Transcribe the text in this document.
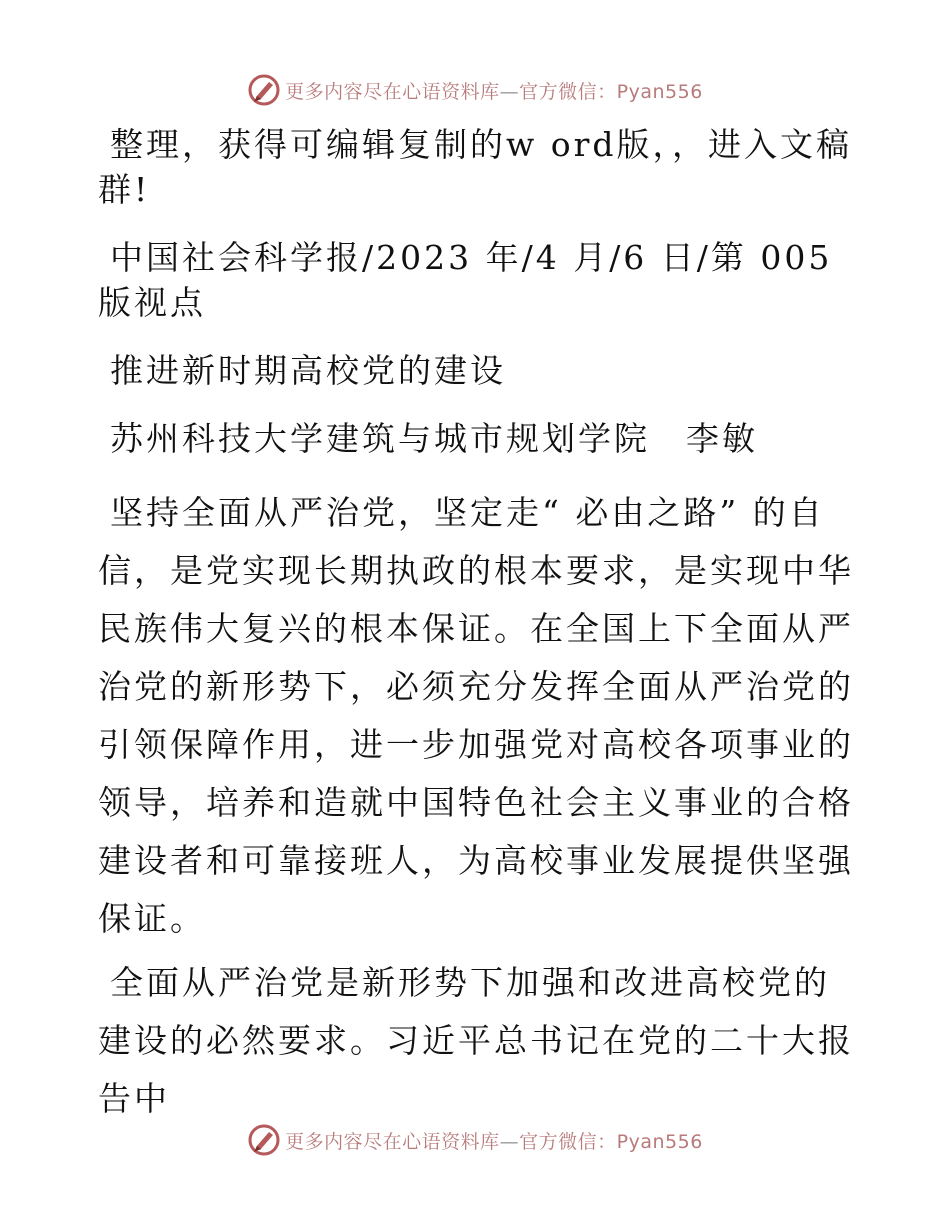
更多内容尽在心语资料库—官方微信：Pyan556

整理，获得可编辑复制的w ord版，，进入文稿群!

中国社会科学报/2023 年/4 月/6 日/第 005 版视点

推进新时期高校党的建设

苏州科技大学建筑与城市规划学院　李敏

坚持全面从严治党，坚定走“ 必由之路” 的自信，是党实现长期执政的根本要求，是实现中华民族伟大复兴的根本保证。在全国上下全面从严治党的新形势下，必须充分发挥全面从严治党的引领保障作用，进一步加强党对高校各项事业的领导，培养和造就中国特色社会主义事业的合格建设者和可靠接班人，为高校事业发展提供坚强保证。

全面从严治党是新形势下加强和改进高校党的建设的必然要求。习近平总书记在党的二十大报告中

更多内容尽在心语资料库—官方微信：Pyan556
